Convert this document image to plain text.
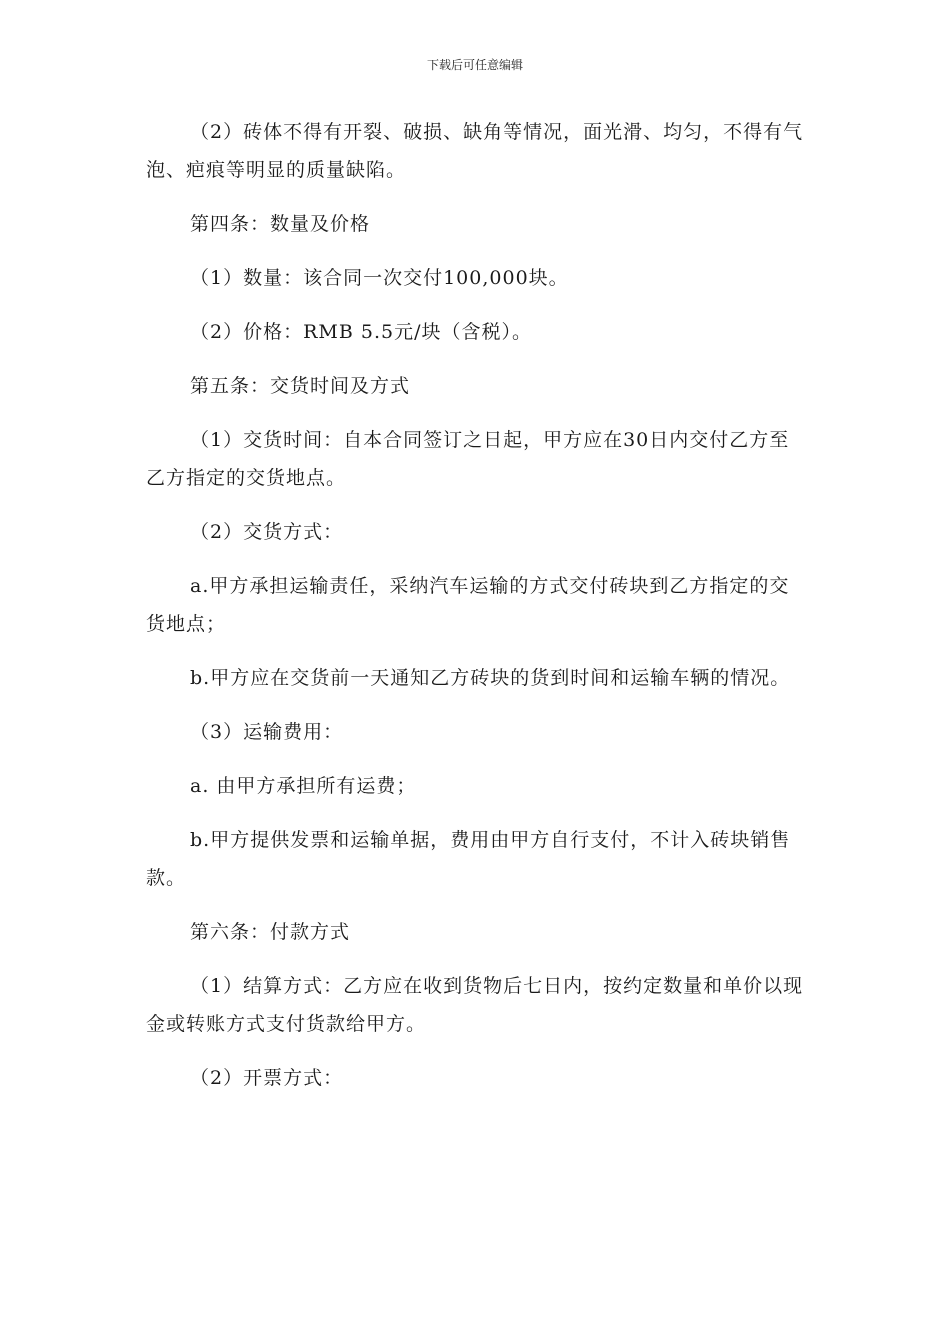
下载后可任意编辑

（2）砖体不得有开裂、破损、缺角等情况，面光滑、均匀，不得有气泡、疤痕等明显的质量缺陷。

第四条：数量及价格

（1）数量：该合同一次交付100,000块。

（2）价格：RMB 5.5元/块（含税）。

第五条：交货时间及方式

（1）交货时间：自本合同签订之日起，甲方应在30日内交付乙方至乙方指定的交货地点。

（2）交货方式：

a.甲方承担运输责任，采纳汽车运输的方式交付砖块到乙方指定的交货地点；

b.甲方应在交货前一天通知乙方砖块的货到时间和运输车辆的情况。

（3）运输费用：

a. 由甲方承担所有运费；

b.甲方提供发票和运输单据，费用由甲方自行支付，不计入砖块销售款。

第六条：付款方式

（1）结算方式：乙方应在收到货物后七日内，按约定数量和单价以现金或转账方式支付货款给甲方。

（2）开票方式：
